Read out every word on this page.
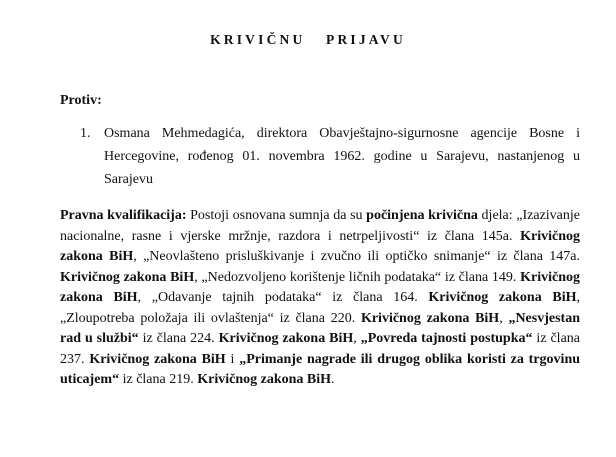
KRIVIČNU PRIJAVU
Protiv:
1. Osmana Mehmedagića, direktora Obavještajno-sigurnosne agencije Bosne i Hercegovine, rođenog 01. novembra 1962. godine u Sarajevu, nastanjenog u Sarajevu
Pravna kvalifikacija: Postoji osnovana sumnja da su počinjena krivična djela: „Izazivanje nacionalne, rasne i vjerske mržnje, razdora i netrpeljivosti“ iz člana 145a. Krivičnog zakona BiH, „Neovlašteno prisluškivanje i zvučno ili optičko snimanje“ iz člana 147a. Krivičnog zakona BiH, „Nedozvoljeno korištenje ličnih podataka“ iz člana 149. Krivičnog zakona BiH, „Odavanje tajnih podataka“ iz člana 164. Krivičnog zakona BiH, „Zloupotreba položaja ili ovlaštenja“ iz člana 220. Krivičnog zakona BiH, „Nesvjestan rad u službi“ iz člana 224. Krivičnog zakona BiH, „Povreda tajnosti postupka“ iz člana 237. Krivičnog zakona BiH i „Primanje nagrade ili drugog oblika koristi za trgovinu uticajem“ iz člana 219. Krivičnog zakona BiH.
